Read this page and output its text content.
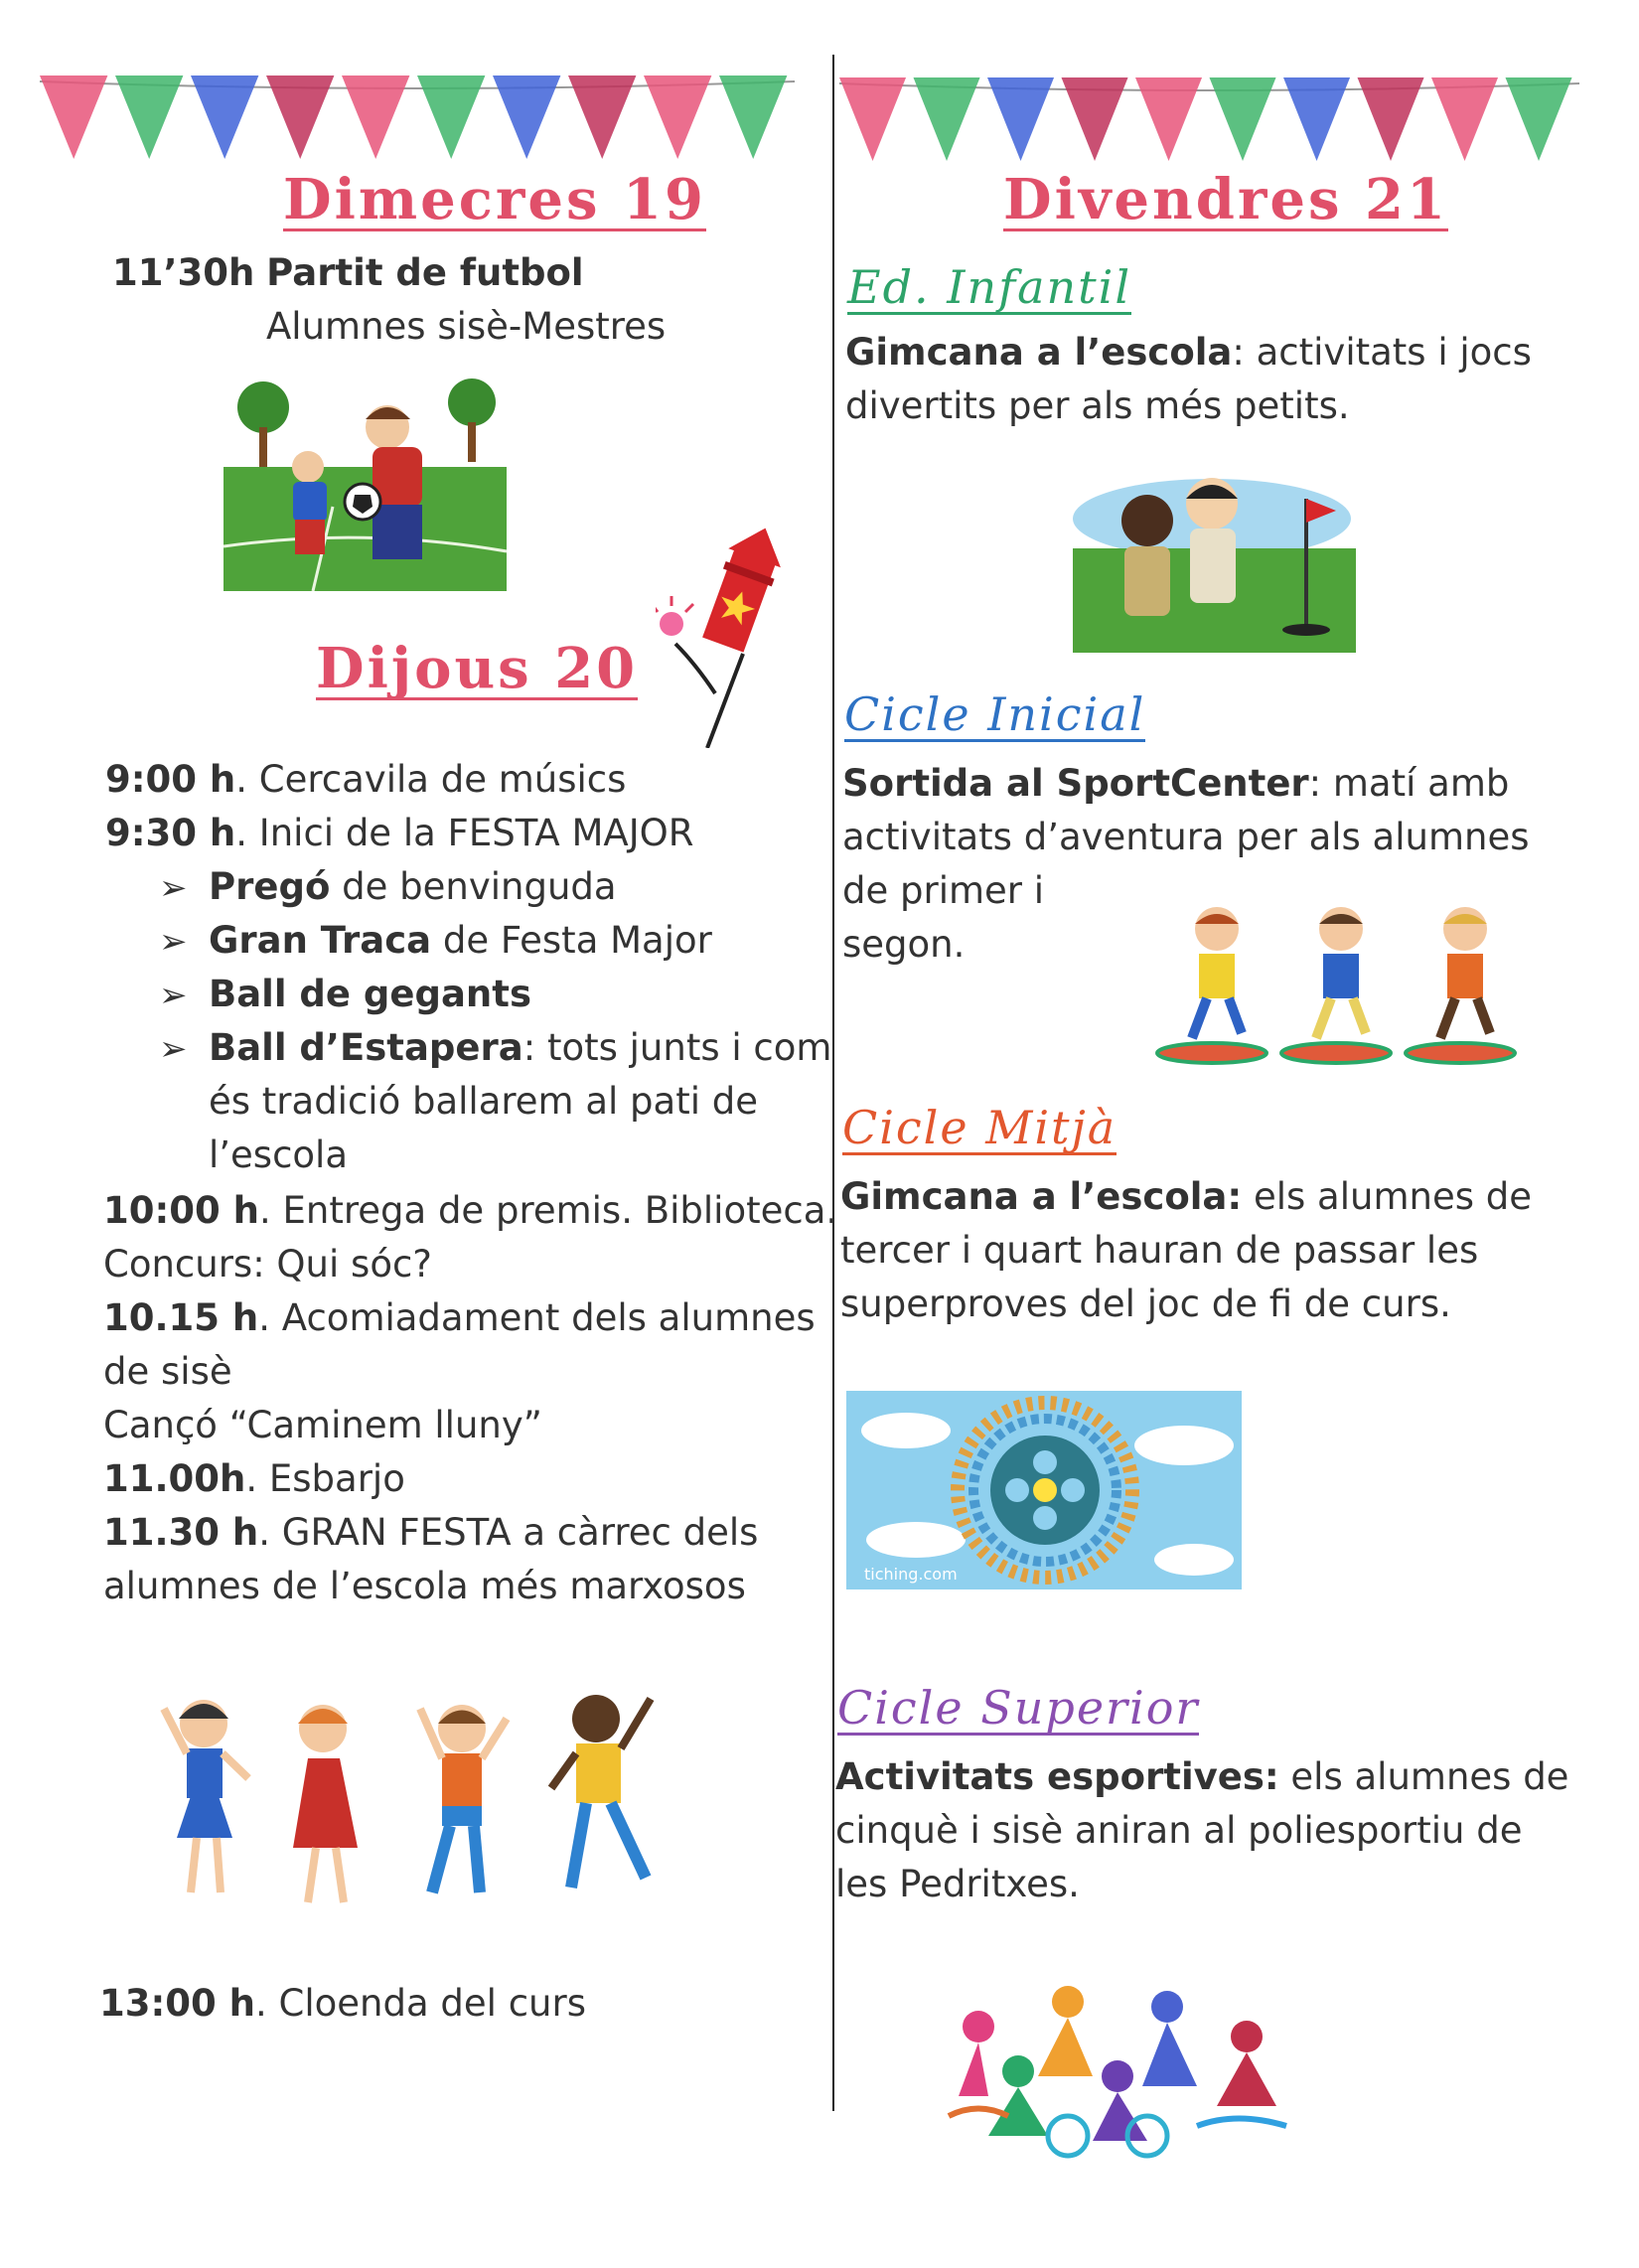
Dimecres 19
11’30h Partit de futbol
Alumnes sisè-Mestres
Dijous 20
9:00 h. Cercavila de músics
9:30 h. Inici de la FESTA MAJOR
➢ Pregó de benvinguda
➢ Gran Traca de Festa Major
➢ Ball de gegants
➢ Ball d’Estapera: tots junts i com
és tradició ballarem al pati de
l’escola
10:00 h. Entrega de premis. Biblioteca.
Concurs: Qui sóc?
10.15 h. Acomiadament dels alumnes
de sisè
Cançó “Caminem lluny”
11.00h. Esbarjo
11.30 h. GRAN FESTA a càrrec dels
alumnes de l’escola més marxosos
13:00 h. Cloenda del curs
Divendres 21
Ed. Infantil
Gimcana a l’escola: activitats i jocs
divertits per als més petits.
Cicle Inicial
Sortida al SportCenter: matí amb
activitats d’aventura per als alumnes
de primer i
segon.
Cicle Mitjà
Gimcana a l’escola: els alumnes de
tercer i quart hauran de passar les
superproves del joc de fi de curs.
tiching.com
Cicle Superior
Activitats esportives: els alumnes de
cinquè i sisè aniran al poliesportiu de
les Pedritxes.
